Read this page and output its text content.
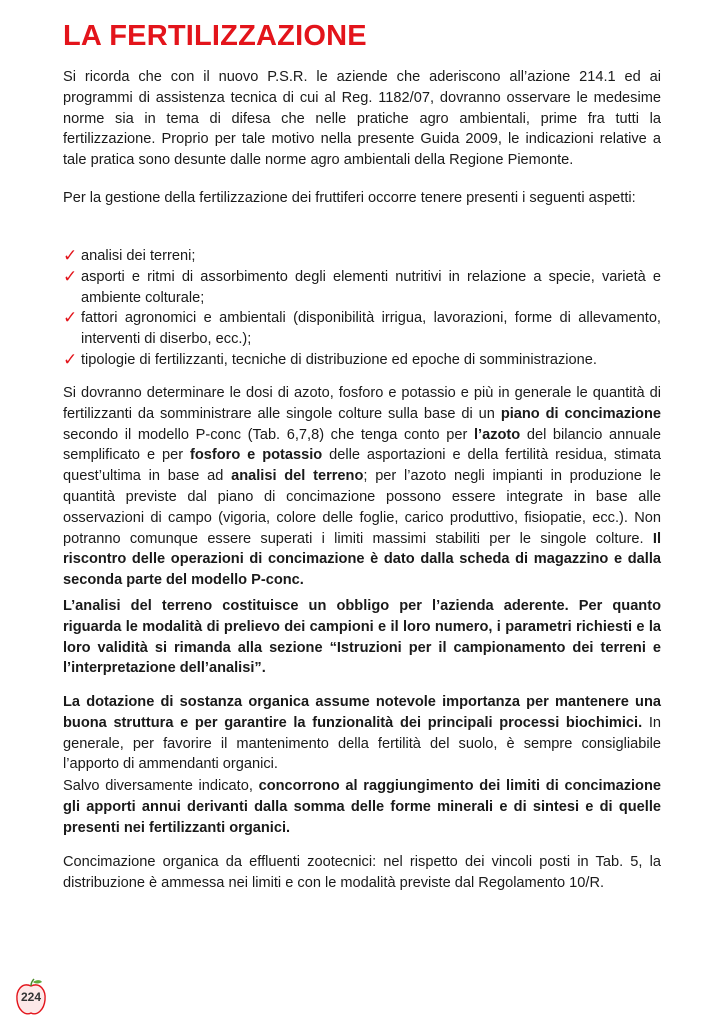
LA FERTILIZZAZIONE

Si ricorda che con il nuovo P.S.R. le aziende che aderiscono all’azione 214.1 ed ai programmi di assistenza tecnica di cui al Reg. 1182/07, dovranno osservare le medesime norme sia in tema di difesa che nelle pratiche agro ambientali, prime fra tutti la fertilizzazione. Proprio per tale motivo nella presente Guida 2009, le indicazioni relative a tale pratica sono desunte dalle norme agro ambientali della Regione Piemonte.

Per la gestione della fertilizzazione dei fruttiferi occorre tenere presenti i seguenti aspetti:

✓ analisi dei terreni;
✓ asporti e ritmi di assorbimento degli elementi nutritivi in relazione a specie, varietà e ambiente colturale;
✓ fattori agronomici e ambientali (disponibilità irrigua, lavorazioni, forme di allevamento, interventi di diserbo, ecc.);
✓ tipologie di fertilizzanti, tecniche di distribuzione ed epoche di somministrazione.

Si dovranno determinare le dosi di azoto, fosforo e potassio e più in generale le quantità di fertilizzanti da somministrare alle singole colture sulla base di un piano di concimazione secondo il modello P-conc (Tab. 6,7,8) che tenga conto per l’azoto del bilancio annuale semplificato e per fosforo e potassio delle asportazioni e della fertilità residua, stimata quest’ultima in base ad analisi del terreno; per l’azoto negli impianti in produzione le quantità previste dal piano di concimazione possono essere integrate in base alle osservazioni di campo (vigoria, colore delle foglie, carico produttivo, fisiopatie, ecc.). Non potranno comunque essere superati i limiti massimi stabiliti per le singole colture. Il riscontro delle operazioni di concimazione è dato dalla scheda di magazzino e dalla seconda parte del modello P-conc.

L’analisi del terreno costituisce un obbligo per l’azienda aderente. Per quanto riguarda le modalità di prelievo dei campioni e il loro numero, i parametri richiesti e la loro validità si rimanda alla sezione “Istruzioni per il campionamento dei terreni e l’interpretazione dell’analisi”.

La dotazione di sostanza organica assume notevole importanza per mantenere una buona struttura e per garantire la funzionalità dei principali processi biochimici. In generale, per favorire il mantenimento della fertilità del suolo, è sempre consigliabile l’apporto di ammendanti organici.

Salvo diversamente indicato, concorrono al raggiungimento dei limiti di concimazione gli apporti annui derivanti dalla somma delle forme minerali e di sintesi e di quelle presenti nei fertilizzanti organici.

Concimazione organica da effluenti zootecnici: nel rispetto dei vincoli posti in Tab. 5, la distribuzione è ammessa nei limiti e con le modalità previste dal Regolamento 10/R.

224
